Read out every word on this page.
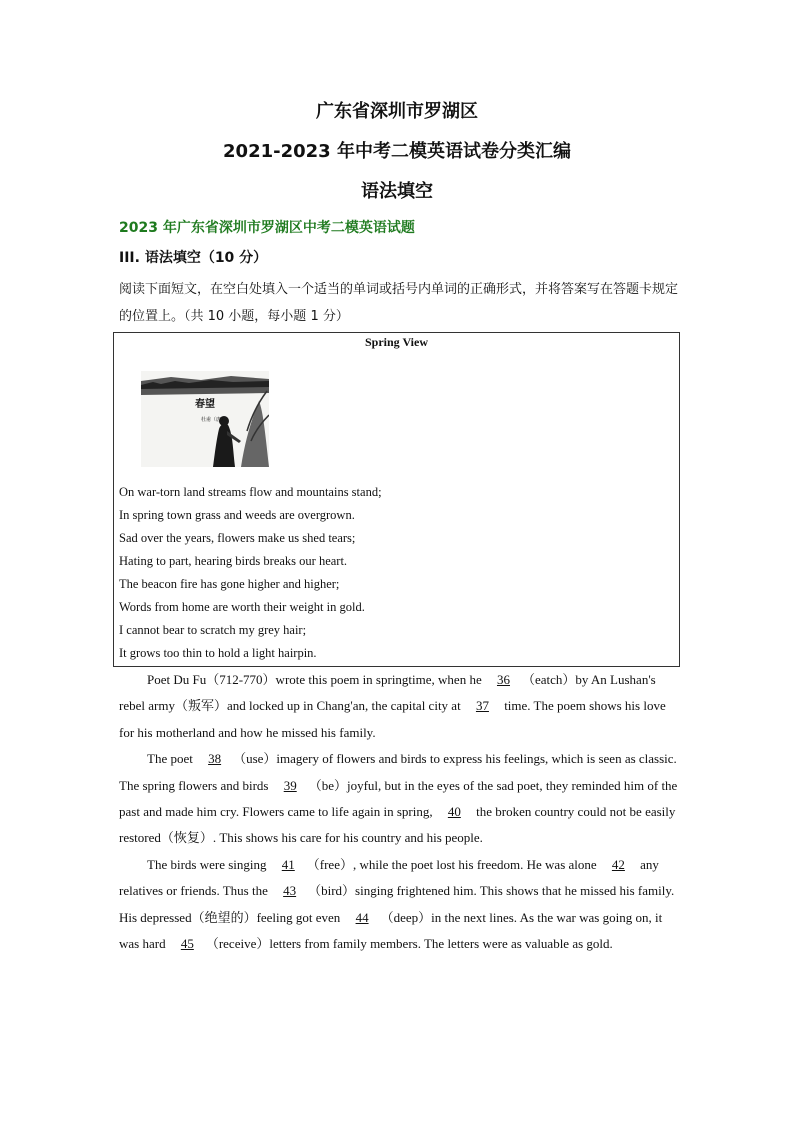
广东省深圳市罗湖区
2021-2023 年中考二模英语试卷分类汇编
语法填空
2023 年广东省深圳市罗湖区中考二模英语试题
III. 语法填空（10 分）
阅读下面短文，在空白处填入一个适当的单词或括号内单词的正确形式，并将答案写在答题卡规定的位置上。（共 10 小题，每小题 1 分）
Spring View
春望
杜甫（唐）
On war-torn land streams flow and mountains stand;
In spring town grass and weeds are overgrown.
Sad over the years, flowers make us shed tears;
Hating to part, hearing birds breaks our heart.
The beacon fire has gone higher and higher;
Words from home are worth their weight in gold.
I cannot bear to scratch my grey hair;
It grows too thin to hold a light hairpin.

Poet Du Fu（712-770）wrote this poem in springtime, when he 36 （eatch）by An Lushan's rebel army（叛军）and locked up in Chang'an, the capital city at 37 time. The poem shows his love for his motherland and how he missed his family.

The poet 38 （use）imagery of flowers and birds to express his feelings, which is seen as classic. The spring flowers and birds 39 （be）joyful, but in the eyes of the sad poet, they reminded him of the past and made him cry. Flowers came to life again in spring, 40 the broken country could not be easily restored（恢复）. This shows his care for his country and his people.

The birds were singing 41 （free）, while the poet lost his freedom. He was alone 42 any relatives or friends. Thus the 43 （bird）singing frightened him. This shows that he missed his family. His depressed（绝望的）feeling got even 44 （deep）in the next lines. As the war was going on, it was hard 45 （receive）letters from family members. The letters were as valuable as gold.
